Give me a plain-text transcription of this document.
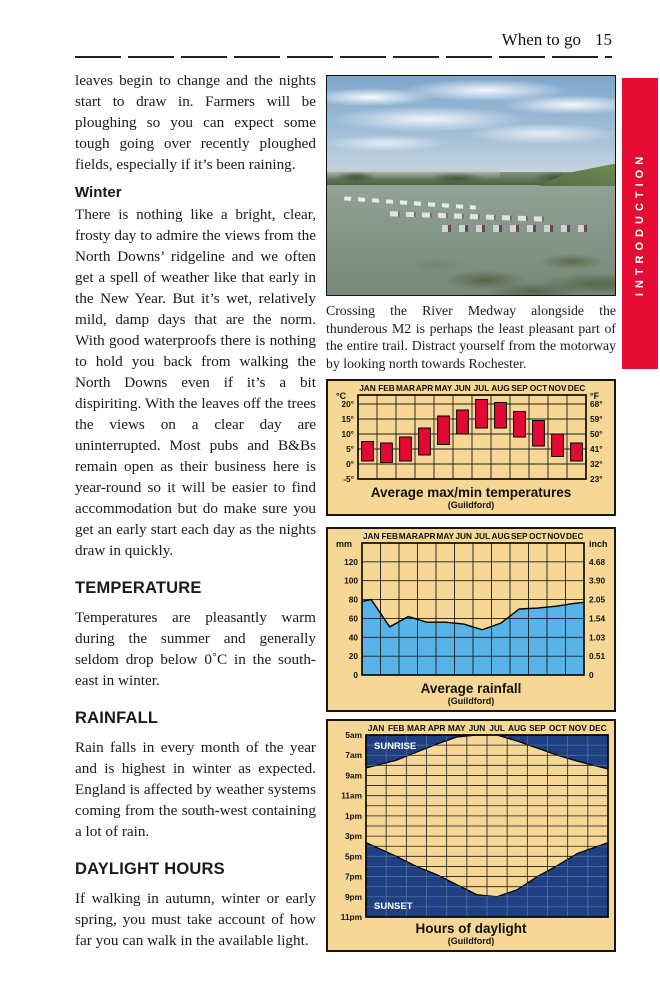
When to go 15
INTRODUCTION

leaves begin to change and the nights start to draw in. Farmers will be ploughing so you can expect some tough going over recently ploughed fields, especially if it’s been raining.

Winter

There is nothing like a bright, clear, frosty day to admire the views from the North Downs’ ridgeline and we often get a spell of weather like that early in the New Year. But it’s wet, relatively mild, damp days that are the norm. With good waterproofs there is nothing to hold you back from walking the North Downs even if it’s a bit dispiriting. With the leaves off the trees the views on a clear day are uninterrupted. Most pubs and B&Bs remain open as their business here is year-round so it will be easier to find accommodation but do make sure you get an early start each day as the nights draw in quickly.

TEMPERATURE

Temperatures are pleasantly warm during the summer and generally seldom drop below 0˚C in the south-east in winter.

RAINFALL

Rain falls in every month of the year and is highest in winter as expected. England is affected by weather systems coming from the south-west containing a lot of rain.

DAYLIGHT HOURS

If walking in autumn, winter or early spring, you must take account of how far you can walk in the available light.

Crossing the River Medway alongside the thunderous M2 is perhaps the least pleasant part of the entire trail. Distract yourself from the motorway by looking north towards Rochester.

JAN FEB MAR APR MAY JUN JUL AUG SEP OCT NOV DEC
°C	°F
20°
15°
10°
5°
0°
-5°
68°
59°
50°
41°
32°
23°
Average max/min temperatures
(Guildford)
JAN FEB MAR APR MAY JUN JUL AUG SEP OCT NOV DEC
mm	inch
120
100
80
60
40
20
0
4.68
3.90
2.05
1.54
1.03
0.51
0
Average rainfall
(Guildford)
JAN FEB MAR APR MAY JUN JUL AUG SEP OCT NOV DEC
5am
7am
9am
11am
1pm
3pm
5pm
7pm
9pm
11pm
SUNRISE
SUNSET
Hours of daylight
(Guildford)
